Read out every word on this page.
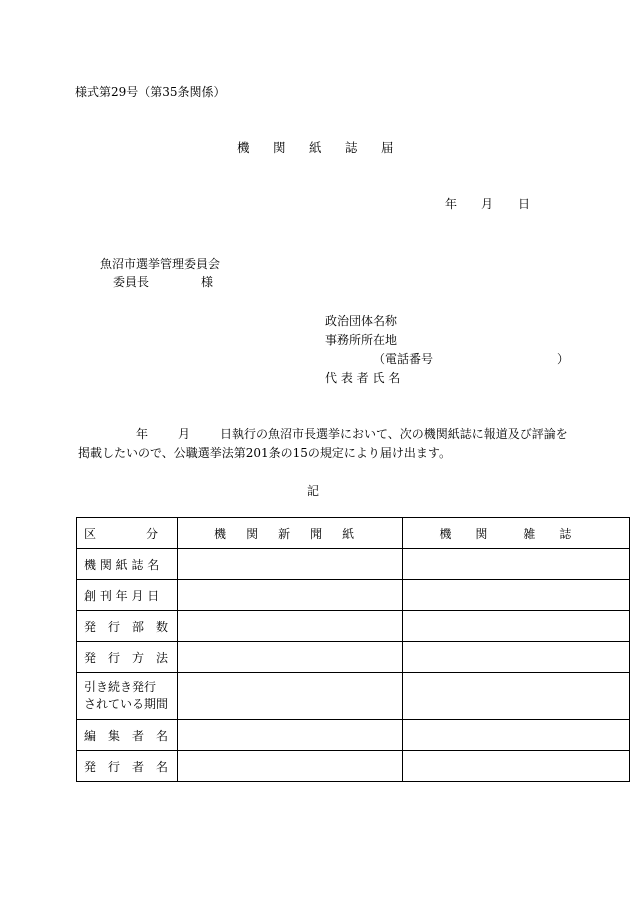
様式第29号（第35条関係）
機 関 紙 誌 届
年 月 日
魚沼市選挙管理委員会
委員長	様
政治団体名称
事務所所在地
（電話番号	）
代 表 者 氏 名
年	月	日執行の魚沼市長選挙において、次の機関紙誌に報道及び評論を
掲載したいので、公職選挙法第201条の15の規定により届け出ます。
記
区 分	機 関 新 聞 紙	機 関 雑 誌
機 関 紙 誌 名		
創 刊 年 月 日		
発　行　部　数		
発　行　方　法		
引き続き発行
されている期間		
編　集　者　名		
発　行　者　名		
